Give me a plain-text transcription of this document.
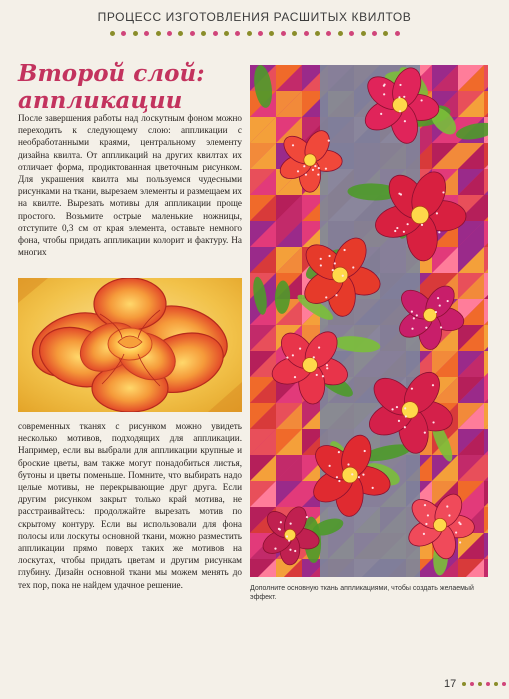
ПРОЦЕСС ИЗГОТОВЛЕНИЯ РАСШИТЫХ КВИЛТОВ
Второй слой:
аппликации

После завершения работы над лоскутным фоном можно переходить к следующему слою: аппликации с необработанными краями, центральному элементу дизайна квилта. От аппликаций на других квилтах их отличает форма, продиктованная цветочным рисунком. Для украшения квилта мы пользуемся чудесными рисунками на ткани, вырезаем элементы и размещаем их на квилте. Вырезать мотивы для аппликации проще простого. Возьмите острые маленькие ножницы, отступите 0,3 см от края элемента, оставьте немного фона, чтобы придать аппликации колорит и фактуру. На многих

современных тканях с рисунком можно увидеть несколько мотивов, подходящих для аппликации. Например, если вы выбрали для аппликации крупные и броские цветы, вам также могут понадобиться листья, бутоны и цветы поменьше. Помните, что выбирать надо целые мотивы, не перекрывающие друг друга. Если другим рисунком закрыт только край мотива, не расстраивайтесь: продолжайте вырезать мотив по скрытому контуру. Если вы использовали для фона полосы или лоскуты основной ткани, можно разместить аппликации прямо поверх таких же мотивов на лоскутах, чтобы придать цветам и другим рисункам глубину. Дизайн основной ткани мы можем менять до тех пор, пока не найдем удачное решение.	Дополните основную ткань аппликациями, чтобы создать желаемый эффект.
17
